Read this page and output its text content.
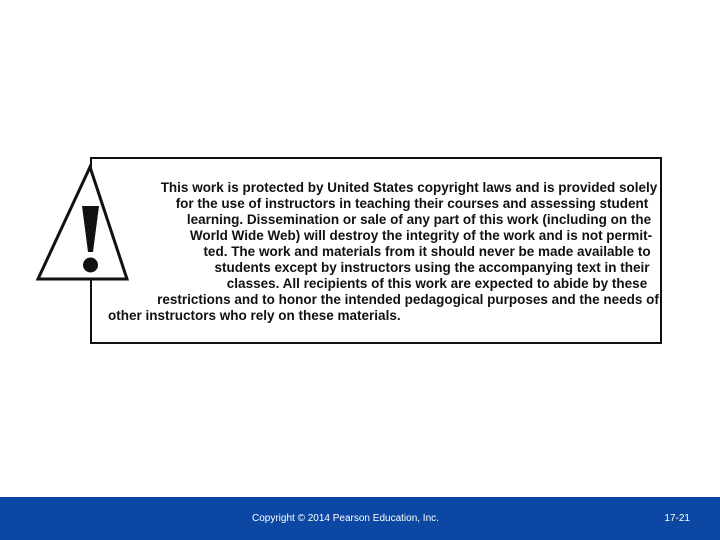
This work is protected by United States copyright laws and is provided solely
for the use of instructors in teaching their courses and assessing student
learning. Dissemination or sale of any part of this work (including on the
World Wide Web) will destroy the integrity of the work and is not permit-
ted. The work and materials from it should never be made available to
students except by instructors using the accompanying text in their
classes. All recipients of this work are expected to abide by these
restrictions and to honor the intended pedagogical purposes and the needs of
other instructors who rely on these materials.
Copyright © 2014 Pearson Education, Inc.	17-21
